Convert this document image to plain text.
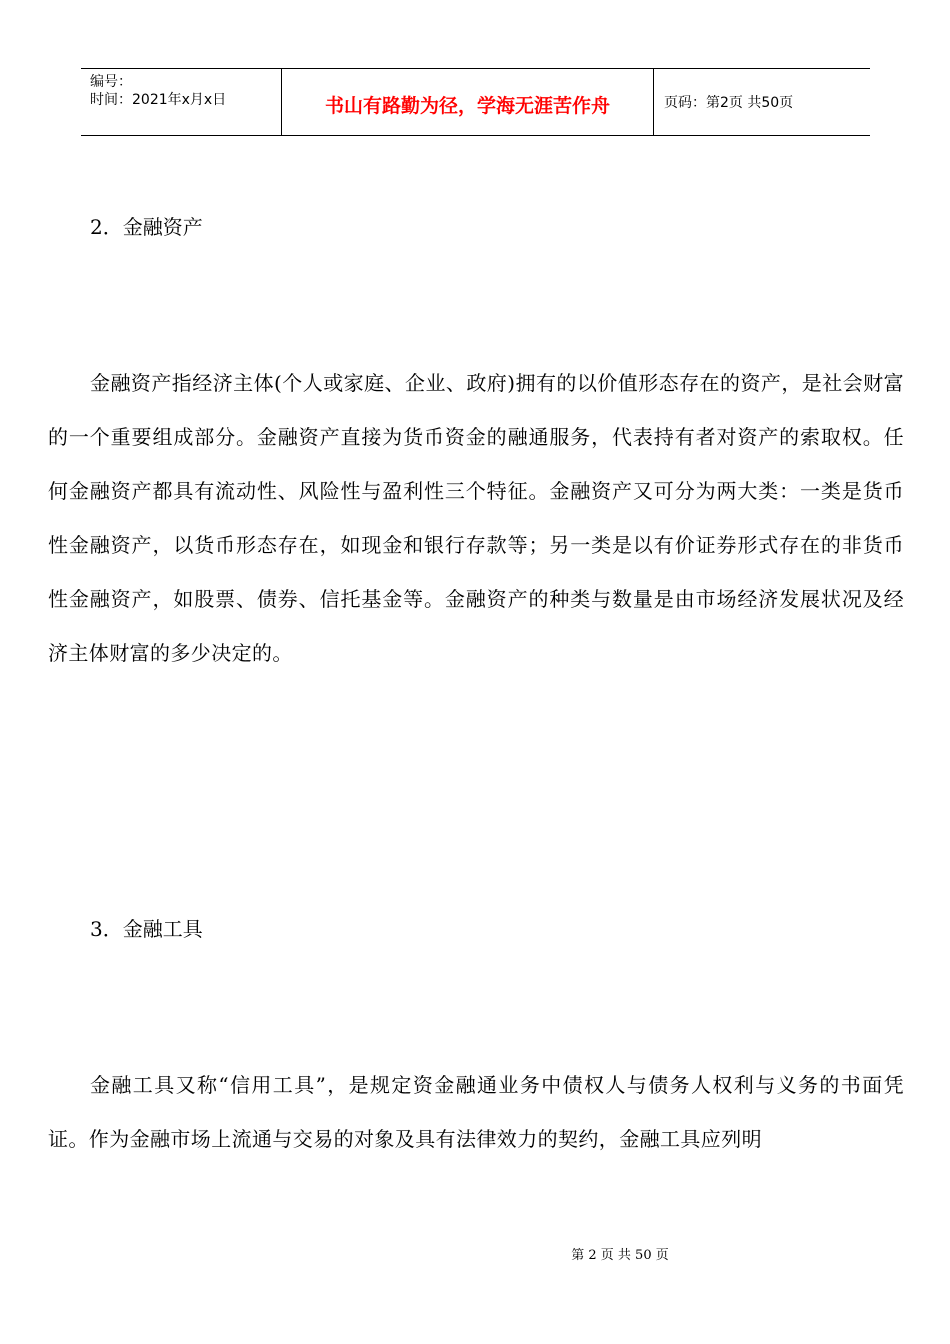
编号：
时间：2021年x月x日	书山有路勤为径，学海无涯苦作舟	页码：第2页 共50页
2．金融资产

金融资产指经济主体(个人或家庭、企业、政府)拥有的以价值形态存在的资产，是社会财富的一个重要组成部分。金融资产直接为货币资金的融通服务，代表持有者对资产的索取权。任何金融资产都具有流动性、风险性与盈利性三个特征。金融资产又可分为两大类：一类是货币性金融资产，以货币形态存在，如现金和银行存款等；另一类是以有价证券形式存在的非货币性金融资产，如股票、债券、信托基金等。金融资产的种类与数量是由市场经济发展状况及经济主体财富的多少决定的。

3．金融工具

金融工具又称“信用工具”，是规定资金融通业务中债权人与债务人权利与义务的书面凭证。作为金融市场上流通与交易的对象及具有法律效力的契约，金融工具应列明

第 2 页 共 50 页
